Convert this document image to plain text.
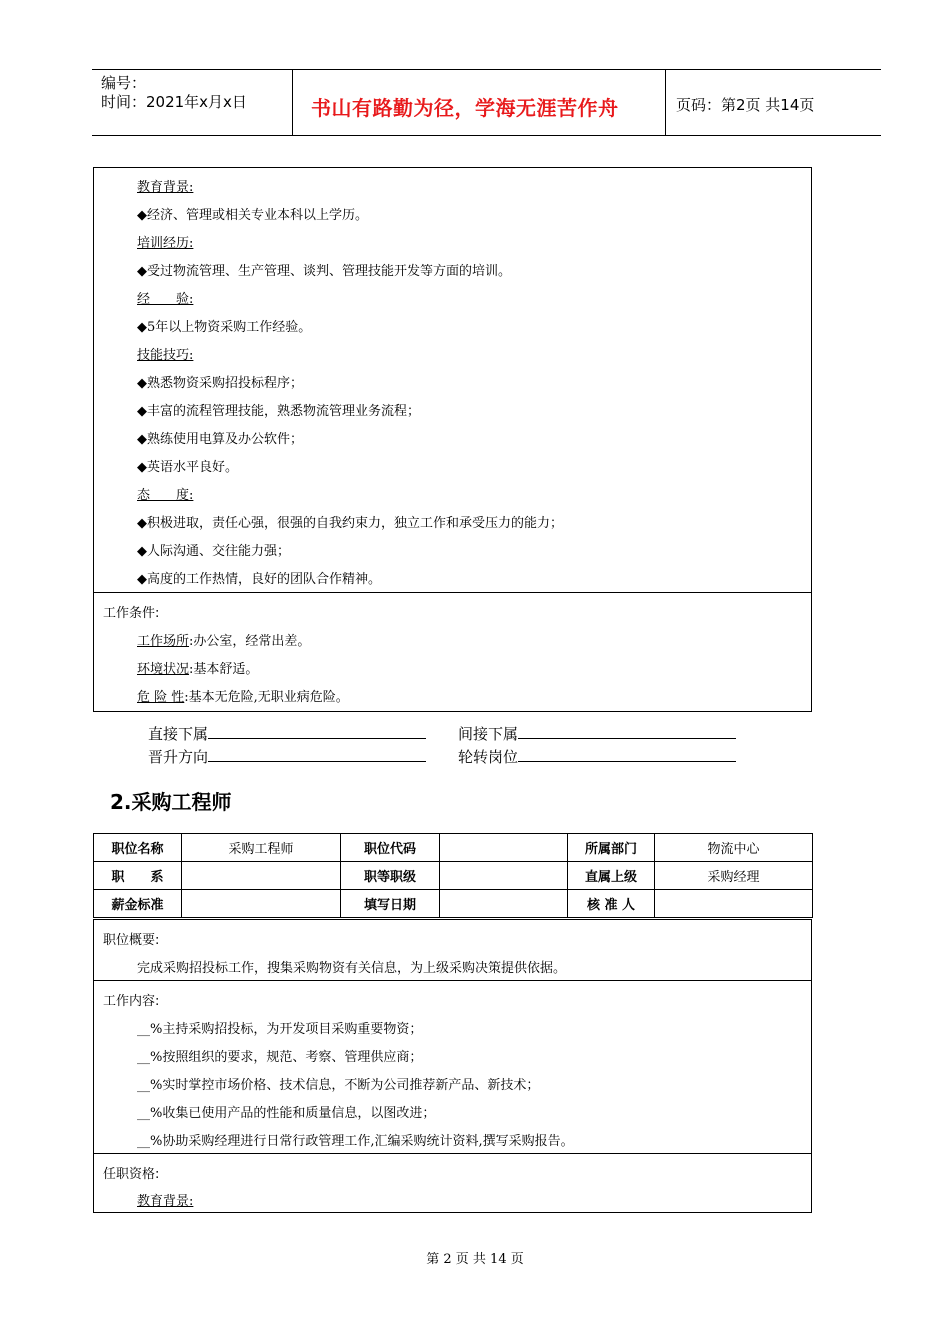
编号：
时间：2021年x月x日	书山有路勤为径，学海无涯苦作舟	页码：第2页 共14页
教育背景:
◆经济、管理或相关专业本科以上学历。
培训经历:
◆受过物流管理、生产管理、谈判、管理技能开发等方面的培训。
经　　验:
◆5年以上物资采购工作经验。
技能技巧:
◆熟悉物资采购招投标程序；
◆丰富的流程管理技能，熟悉物流管理业务流程；
◆熟练使用电算及办公软件；
◆英语水平良好。
态　　度:
◆积极进取，责任心强，很强的自我约束力，独立工作和承受压力的能力；
◆人际沟通、交往能力强；
◆高度的工作热情，良好的团队合作精神。
工作条件:
工作场所:办公室，经常出差。
环境状况:基本舒适。
危 险 性:基本无危险,无职业病危险。
直接下属	间接下属
晋升方向	轮转岗位
2.采购工程师
职位名称	采购工程师	职位代码		所属部门	物流中心
职　　系		职等职级		直属上级	采购经理
薪金标准		填写日期		核 准 人	
职位概要:
完成采购招投标工作，搜集采购物资有关信息，为上级采购决策提供依据。
工作内容:
__%主持采购招投标，为开发项目采购重要物资；
__%按照组织的要求，规范、考察、管理供应商；
__%实时掌控市场价格、技术信息，不断为公司推荐新产品、新技术；
__%收集已使用产品的性能和质量信息，以图改进；
__%协助采购经理进行日常行政管理工作,汇编采购统计资料,撰写采购报告。
任职资格:
教育背景:
第 2 页 共 14 页
